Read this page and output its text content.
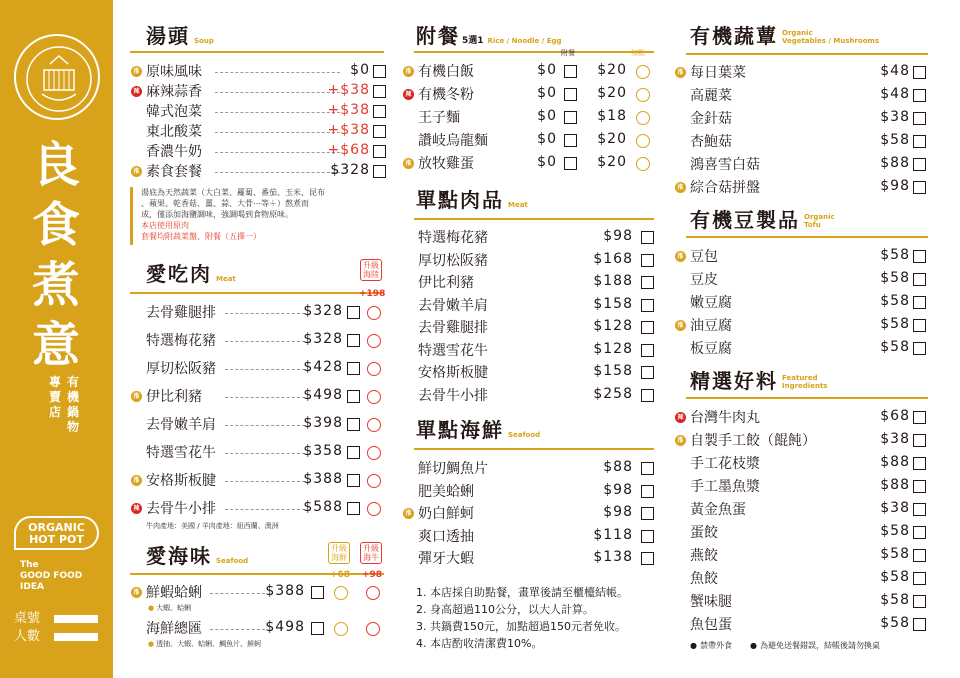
良
食
煮
意
有機鍋物
專賣店
ORGANIC
HOT POT
The
GOOD FOOD
IDEA
桌號
人數
湯頭 Soup
推 原味風味	$0
辣 麻辣蒜香	+$38
韓式泡菜	+$38
東北酸菜	+$38
香濃牛奶	+$68
推 素食套餐	$328
湯底為天然蔬菜（大白菜、蘿蔔、番茄、玉米、昆布
、蘋果、乾香菇、薑、蒜、大骨⋯等＋）熬煮而
成，僅添加海鹽調味，強調喝到食物原味。
本店使用原肉
套餐均附蔬菜盤、附餐（五擇一）
愛吃肉 Meat
升級海陸
+198
去骨雞腿排	$328
特選梅花豬	$328
厚切松阪豬	$428
推 伊比利豬	$498
去骨嫩羊肩	$398
特選雪花牛	$358
推 安格斯板腱	$388
辣 去骨牛小排	$588
牛肉產地：美國 / 羊肉產地：紐西蘭、澳洲
愛海味 Seafood
升級海鮮
升級海牛
+68 +98
推 鮮蝦蛤蜊	$388
● 大蝦、蛤蜊
海鮮總匯	$498
● 透抽、大蝦、蛤蜊、鯛魚片、鮮蚵
附餐 5選1 Rice / Noodle / Egg
附餐	加點
推 有機白飯	$0	$20
辣 有機冬粉	$0	$20
王子麵	$0	$18
讚岐烏龍麵	$0	$20
推 放牧雞蛋	$0	$20
單點肉品 Meat
特選梅花豬	$98
厚切松阪豬	$168
伊比利豬	$188
去骨嫩羊肩	$158
去骨雞腿排	$128
特選雪花牛	$128
安格斯板腱	$158
去骨牛小排	$258
單點海鮮 Seafood
鮮切鯛魚片	$88
肥美蛤蜊	$98
推 奶白鮮蚵	$98
爽口透抽	$118
彈牙大蝦	$138
1. 本店採自助點餐，畫單後請至櫃檯結帳。
2. 身高超過110公分，以大人計算。
3. 共鍋費150元，加點超過150元者免收。
4. 本店酌收清潔費10%。
有機蔬蕈 Organic
Vegetables / Mushrooms
推 每日葉菜	$48
高麗菜	$48
金針菇	$38
杏鮑菇	$58
鴻喜雪白菇	$88
推 綜合菇拼盤	$98
有機豆製品 Organic
Tofu
推 豆包	$58
豆皮	$58
嫩豆腐	$58
推 油豆腐	$58
板豆腐	$58
精選好料 Featured
Ingredients
辣 台灣牛肉丸	$68
推 自製手工餃（餛飩）	$38
手工花枝漿	$88
手工墨魚漿	$88
黃金魚蛋	$38
蛋餃	$58
燕餃	$58
魚餃	$58
蟹味腿	$58
魚包蛋	$58
● 禁帶外食
●	為避免送餐錯誤，結帳後請勿換桌
